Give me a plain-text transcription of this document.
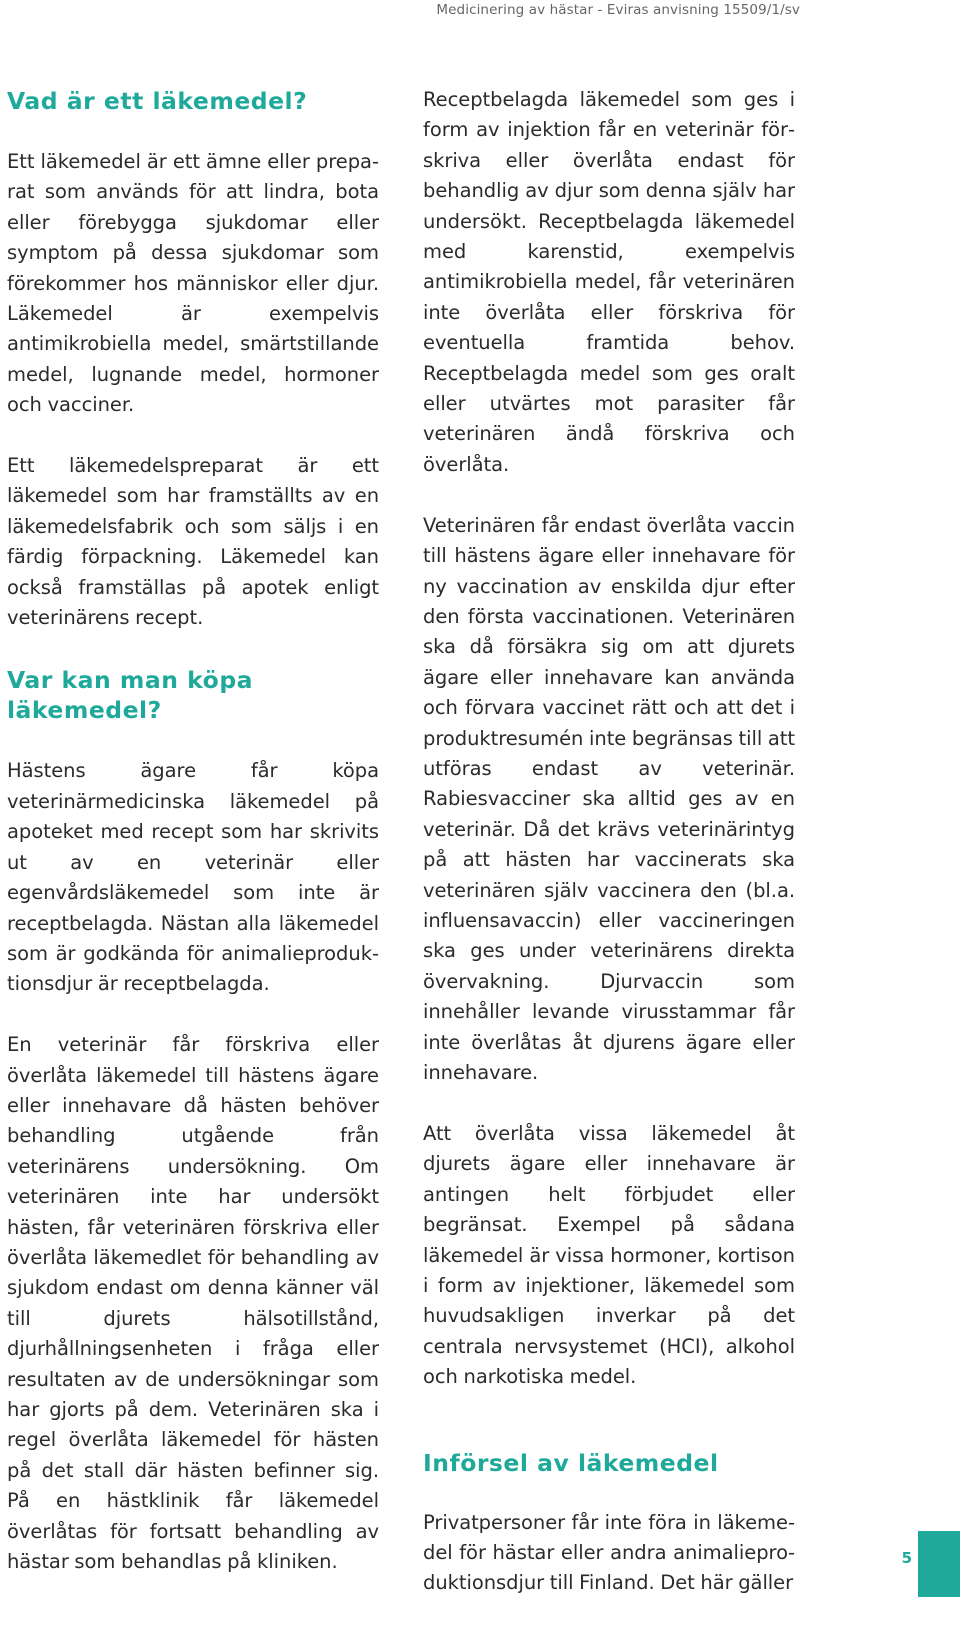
Medicinering av hästar - Eviras anvisning 15509/1/sv
Vad är ett läkemedel?

Ett läkemedel är ett ämne eller preparat som används för att lindra, bota eller förebygga sjukdomar eller symptom på dessa sjukdomar som förekommer hos människor eller djur. Läkemedel är exempelvis antimikrobiella medel, smärtstillande medel, lugnande medel, hormoner och vacciner.

Ett läkemedelspreparat är ett läkemedel som har framställts av en läkemedelsfabrik och som säljs i en färdig förpackning. Läkemedel kan också framställas på apotek enligt veterinärens recept.

Var kan man köpa läkemedel?

Hästens ägare får köpa veterinärmedicinska läkemedel på apoteket med recept som har skrivits ut av en veterinär eller egenvårdsläkemedel som inte är receptbelagda. Nästan alla läkemedel som är godkända för animalieproduktionsdjur är receptbelagda.

En veterinär får förskriva eller överlåta läkemedel till hästens ägare eller innehavare då hästen behöver behandling utgående från veterinärens undersökning. Om veterinären inte har undersökt hästen, får veterinären förskriva eller överlåta läkemedlet för behandling av sjukdom endast om denna känner väl till djurets hälsotillstånd, djurhållningsenheten i fråga eller resultaten av de undersökningar som har gjorts på dem. Veterinären ska i regel överlåta läkemedel för hästen på det stall där hästen befinner sig. På en hästklinik får läkemedel överlåtas för fortsatt behandling av hästar som behandlas på kliniken.

Receptbelagda läkemedel som ges i form av injektion får en veterinär förskriva eller överlåta endast för behandlig av djur som denna själv har undersökt. Receptbelagda läkemedel med karenstid, exempelvis antimikrobiella medel, får veterinären inte överlåta eller förskriva för eventuella framtida behov. Receptbelagda medel som ges oralt eller utvärtes mot parasiter får veterinären ändå förskriva och överlåta.

Veterinären får endast överlåta vaccin till hästens ägare eller innehavare för ny vaccination av enskilda djur efter den första vaccinationen. Veterinären ska då försäkra sig om att djurets ägare eller innehavare kan använda och förvara vaccinet rätt och att det i produktresumén inte begränsas till att utföras endast av veterinär. Rabiesvacciner ska alltid ges av en veterinär. Då det krävs veterinärintyg på att hästen har vaccinerats ska veterinären själv vaccinera den (bl.a. influensavaccin) eller vaccineringen ska ges under veterinärens direkta övervakning. Djurvaccin som innehåller levande virusstammar får inte överlåtas åt djurens ägare eller innehavare.

Att överlåta vissa läkemedel åt djurets ägare eller innehavare är antingen helt förbjudet eller begränsat. Exempel på sådana läkemedel är vissa hormoner, kortison i form av injektioner, läkemedel som huvudsakligen inverkar på det centrala nervsystemet (HCI), alkohol och narkotiska medel.

Införsel av läkemedel

Privatpersoner får inte föra in läkemedel för hästar eller andra animalieproduktionsdjur till Finland. Det här gäller

5
